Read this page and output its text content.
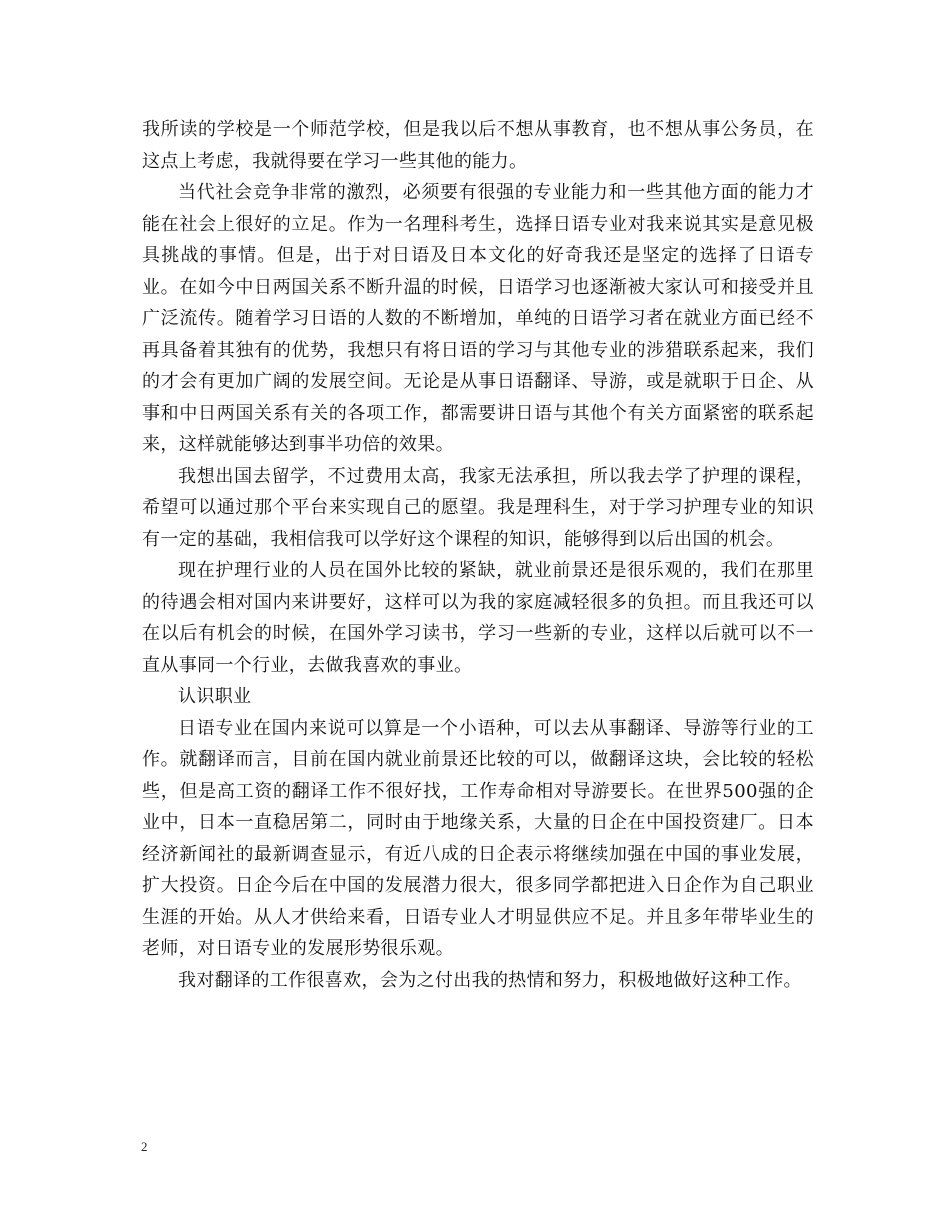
我所读的学校是一个师范学校，但是我以后不想从事教育，也不想从事公务员，在这点上考虑，我就得要在学习一些其他的能力。

当代社会竞争非常的激烈，必须要有很强的专业能力和一些其他方面的能力才能在社会上很好的立足。作为一名理科考生，选择日语专业对我来说其实是意见极具挑战的事情。但是，出于对日语及日本文化的好奇我还是坚定的选择了日语专业。在如今中日两国关系不断升温的时候，日语学习也逐渐被大家认可和接受并且广泛流传。随着学习日语的人数的不断增加，单纯的日语学习者在就业方面已经不再具备着其独有的优势，我想只有将日语的学习与其他专业的涉猎联系起来，我们的才会有更加广阔的发展空间。无论是从事日语翻译、导游，或是就职于日企、从事和中日两国关系有关的各项工作，都需要讲日语与其他个有关方面紧密的联系起来，这样就能够达到事半功倍的效果。

我想出国去留学，不过费用太高，我家无法承担，所以我去学了护理的课程，希望可以通过那个平台来实现自己的愿望。我是理科生，对于学习护理专业的知识有一定的基础，我相信我可以学好这个课程的知识，能够得到以后出国的机会。

现在护理行业的人员在国外比较的紧缺，就业前景还是很乐观的，我们在那里的待遇会相对国内来讲要好，这样可以为我的家庭减轻很多的负担。而且我还可以在以后有机会的时候，在国外学习读书，学习一些新的专业，这样以后就可以不一直从事同一个行业，去做我喜欢的事业。

认识职业

日语专业在国内来说可以算是一个小语种，可以去从事翻译、导游等行业的工作。就翻译而言，目前在国内就业前景还比较的可以，做翻译这块，会比较的轻松些，但是高工资的翻译工作不很好找，工作寿命相对导游要长。在世界500强的企业中，日本一直稳居第二，同时由于地缘关系，大量的日企在中国投资建厂。日本经济新闻社的最新调查显示，有近八成的日企表示将继续加强在中国的事业发展，扩大投资。日企今后在中国的发展潜力很大，很多同学都把进入日企作为自己职业生涯的开始。从人才供给来看，日语专业人才明显供应不足。并且多年带毕业生的老师，对日语专业的发展形势很乐观。

我对翻译的工作很喜欢，会为之付出我的热情和努力，积极地做好这种工作。

2
